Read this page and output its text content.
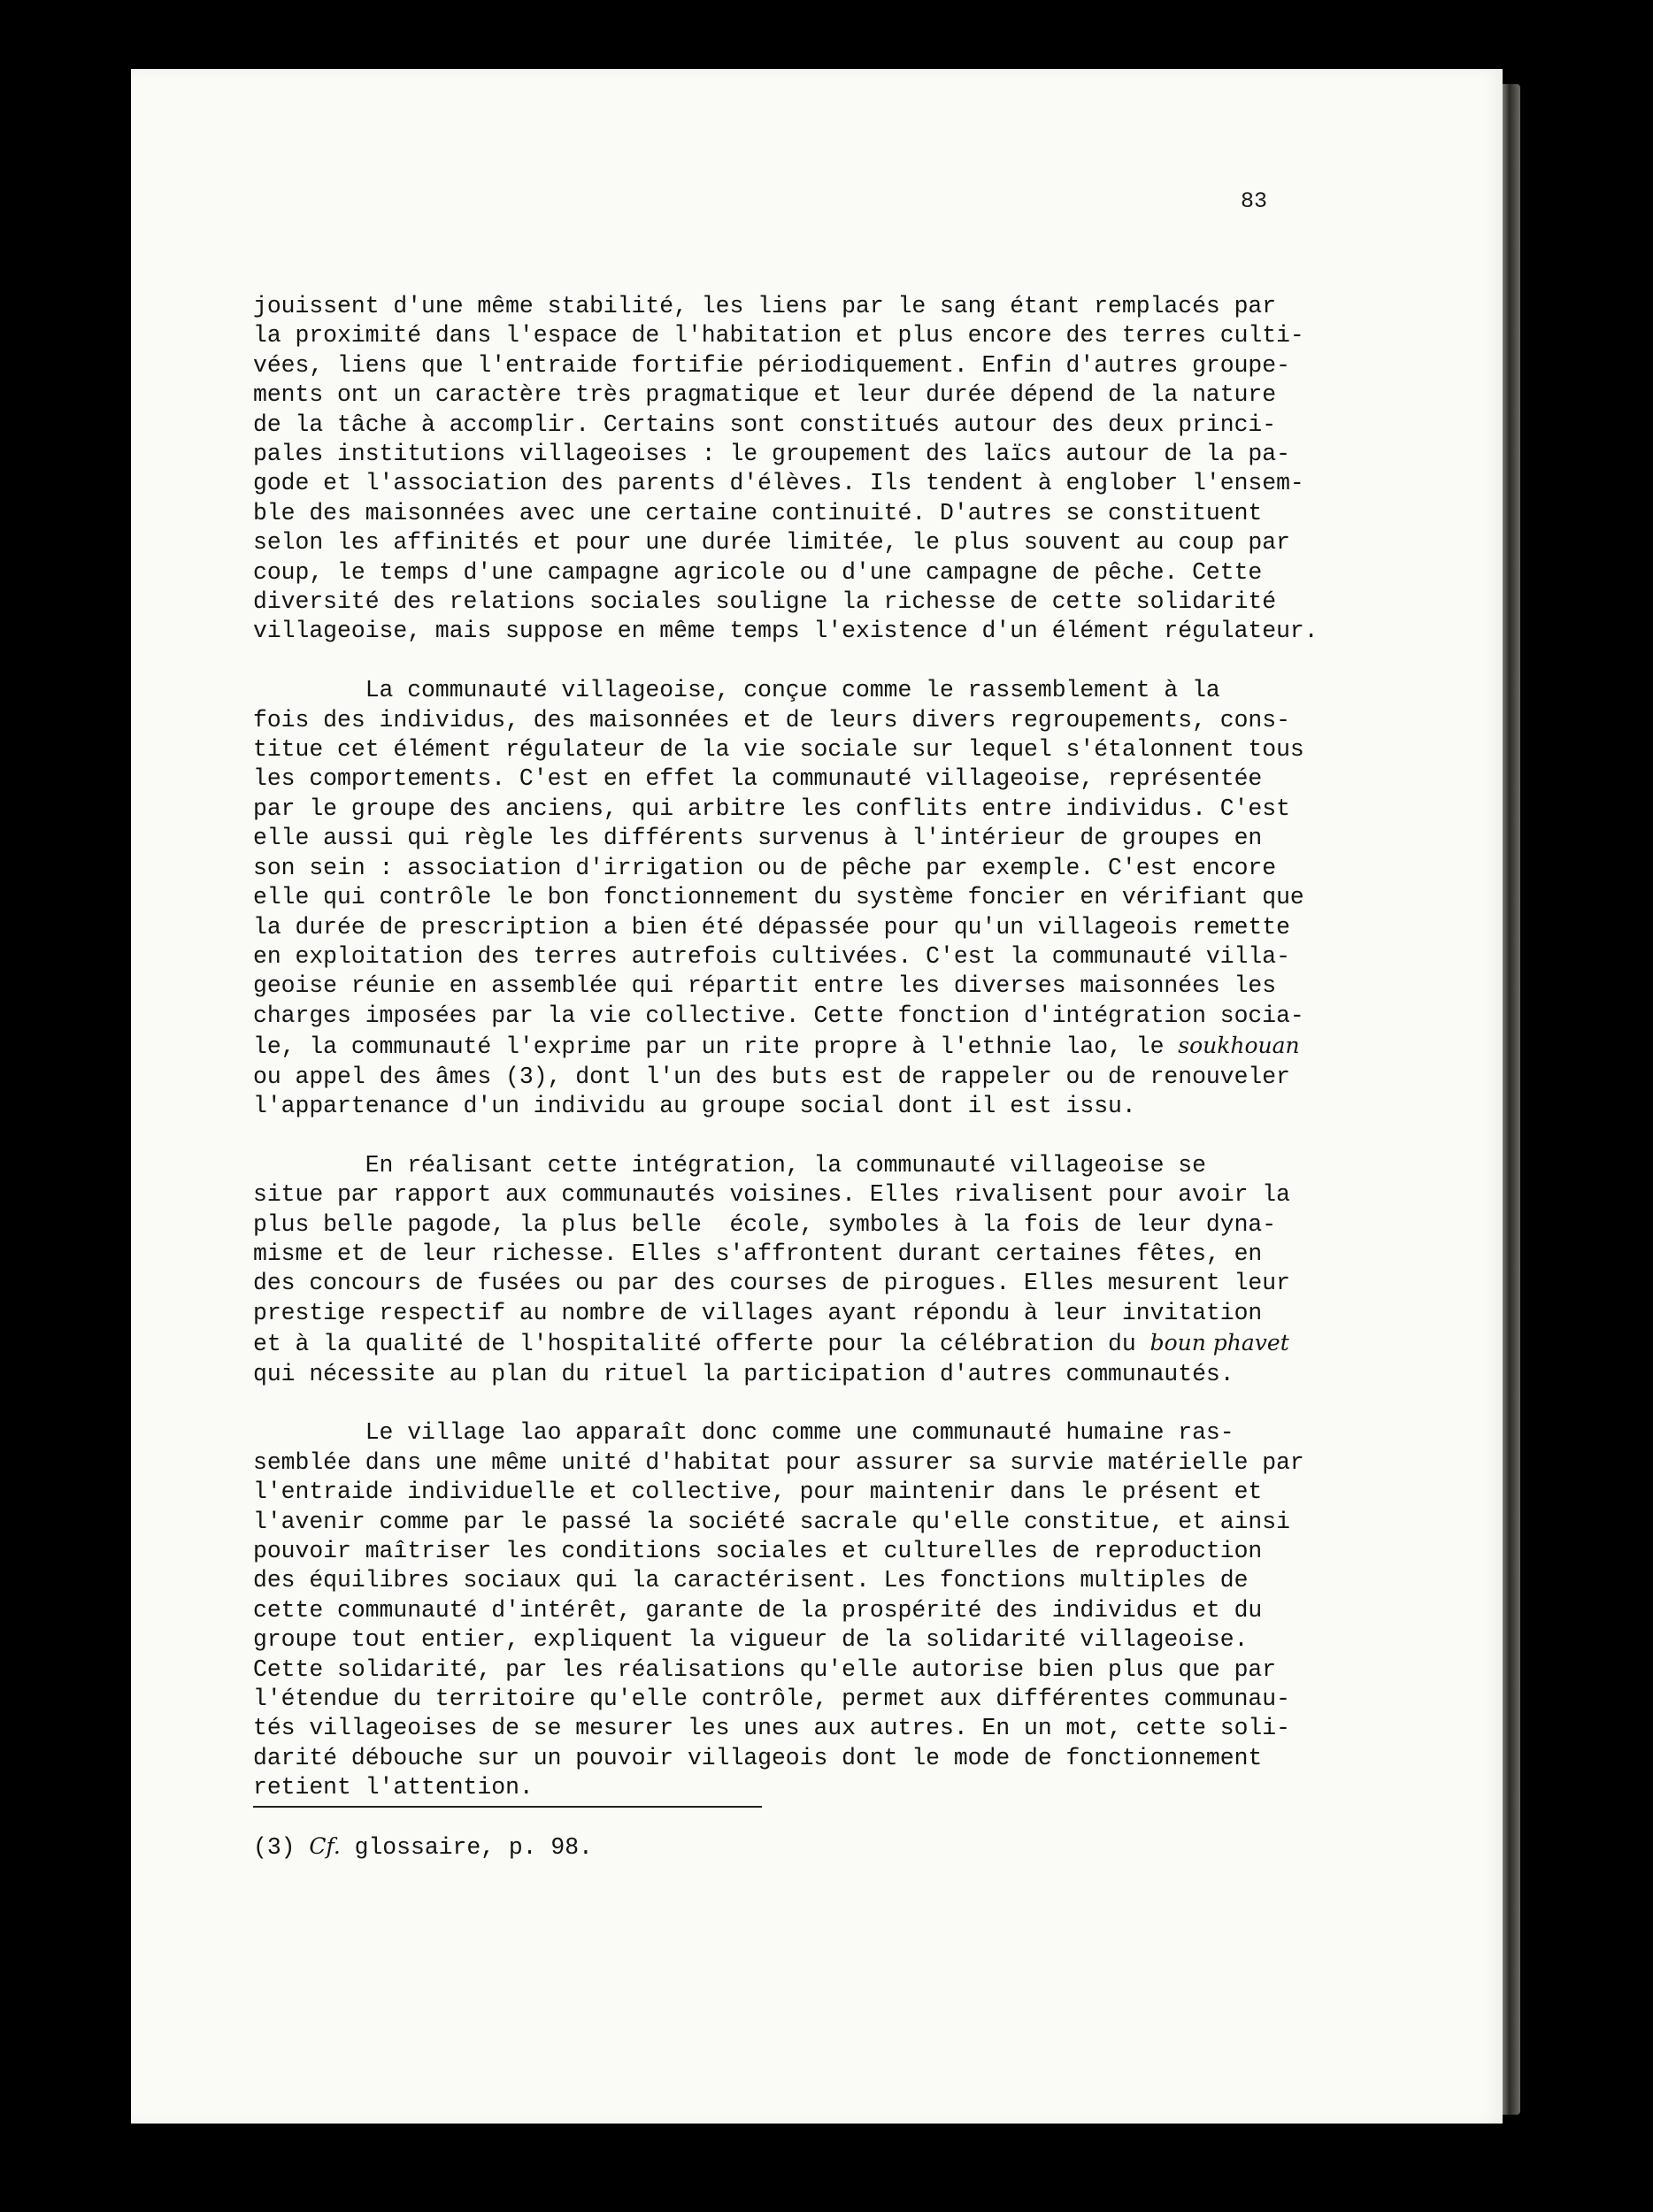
83

jouissent d'une même stabilité, les liens par le sang étant remplacés par
la proximité dans l'espace de l'habitation et plus encore des terres culti-
vées, liens que l'entraide fortifie périodiquement. Enfin d'autres groupe-
ments ont un caractère très pragmatique et leur durée dépend de la nature
de la tâche à accomplir. Certains sont constitués autour des deux princi-
pales institutions villageoises : le groupement des laïcs autour de la pa-
gode et l'association des parents d'élèves. Ils tendent à englober l'ensem-
ble des maisonnées avec une certaine continuité. D'autres se constituent
selon les affinités et pour une durée limitée, le plus souvent au coup par
coup, le temps d'une campagne agricole ou d'une campagne de pêche. Cette
diversité des relations sociales souligne la richesse de cette solidarité
villageoise, mais suppose en même temps l'existence d'un élément régulateur.
La communauté villageoise, conçue comme le rassemblement à la
fois des individus, des maisonnées et de leurs divers regroupements, cons-
titue cet élément régulateur de la vie sociale sur lequel s'étalonnent tous
les comportements. C'est en effet la communauté villageoise, représentée
par le groupe des anciens, qui arbitre les conflits entre individus. C'est
elle aussi qui règle les différents survenus à l'intérieur de groupes en
son sein : association d'irrigation ou de pêche par exemple. C'est encore
elle qui contrôle le bon fonctionnement du système foncier en vérifiant que
la durée de prescription a bien été dépassée pour qu'un villageois remette
en exploitation des terres autrefois cultivées. C'est la communauté villa-
geoise réunie en assemblée qui répartit entre les diverses maisonnées les
charges imposées par la vie collective. Cette fonction d'intégration socia-
le, la communauté l'exprime par un rite propre à l'ethnie lao, le soukhouan
ou appel des âmes (3), dont l'un des buts est de rappeler ou de renouveler
l'appartenance d'un individu au groupe social dont il est issu.
En réalisant cette intégration, la communauté villageoise se
situe par rapport aux communautés voisines. Elles rivalisent pour avoir la
plus belle pagode, la plus belle  école, symboles à la fois de leur dyna-
misme et de leur richesse. Elles s'affrontent durant certaines fêtes, en
des concours de fusées ou par des courses de pirogues. Elles mesurent leur
prestige respectif au nombre de villages ayant répondu à leur invitation
et à la qualité de l'hospitalité offerte pour la célébration du boun phavet
qui nécessite au plan du rituel la participation d'autres communautés.
Le village lao apparaît donc comme une communauté humaine ras-
semblée dans une même unité d'habitat pour assurer sa survie matérielle par
l'entraide individuelle et collective, pour maintenir dans le présent et
l'avenir comme par le passé la société sacrale qu'elle constitue, et ainsi
pouvoir maîtriser les conditions sociales et culturelles de reproduction
des équilibres sociaux qui la caractérisent. Les fonctions multiples de
cette communauté d'intérêt, garante de la prospérité des individus et du
groupe tout entier, expliquent la vigueur de la solidarité villageoise.
Cette solidarité, par les réalisations qu'elle autorise bien plus que par
l'étendue du territoire qu'elle contrôle, permet aux différentes communau-
tés villageoises de se mesurer les unes aux autres. En un mot, cette soli-
darité débouche sur un pouvoir villageois dont le mode de fonctionnement
retient l'attention.

(3) Cf. glossaire, p. 98.
